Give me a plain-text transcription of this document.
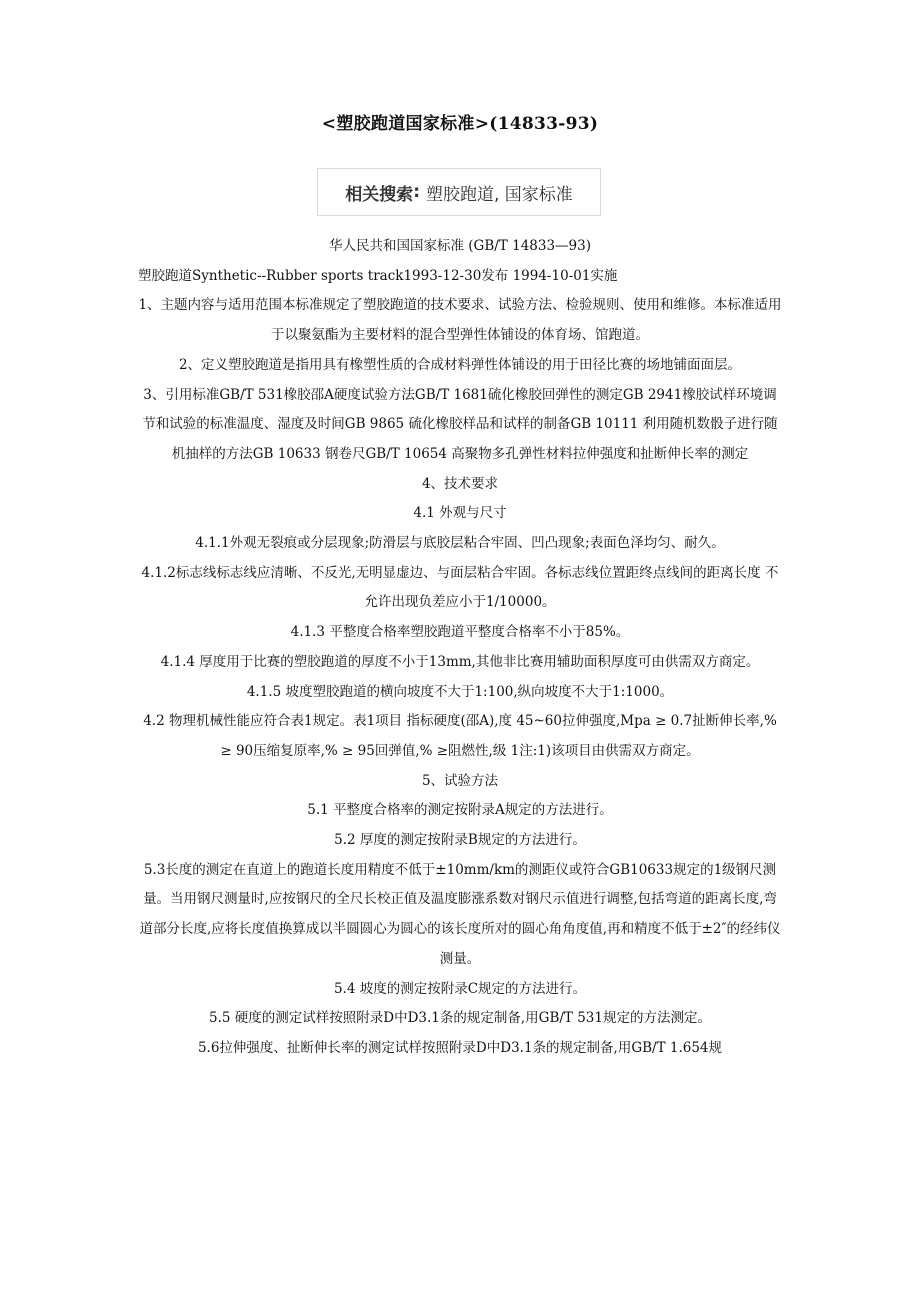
<塑胶跑道国家标准>(14833-93)
相关搜索 : 塑胶跑道, 国家标准

华人民共和国国家标准 (GB/T 14833—93)

塑胶跑道Synthetic--Rubber sports track1993-12-30发布 1994-10-01实施

1、主题内容与适用范围本标准规定了塑胶跑道的技术要求、试验方法、检验规则、使用和维修。本标准适用于以聚氨酯为主要材料的混合型弹性体铺设的体育场、馆跑道。

2、定义塑胶跑道是指用具有橡塑性质的合成材料弹性体铺设的用于田径比赛的场地铺面面层。

3、引用标准GB/T 531橡胶邵A硬度试验方法GB/T 1681硫化橡胶回弹性的测定GB 2941橡胶试样环境调节和试验的标准温度、湿度及时间GB 9865 硫化橡胶样品和试样的制备GB 10111 利用随机数骰子进行随机抽样的方法GB 10633 钢卷尺GB/T 10654 高聚物多孔弹性材料拉伸强度和扯断伸长率的测定

4、技术要求

4.1 外观与尺寸

4.1.1外观无裂痕或分层现象;防滑层与底胶层粘合牢固、凹凸现象;表面色泽均匀、耐久。

4.1.2标志线标志线应清晰、不反光,无明显虚边、与面层粘合牢固。各标志线位置距终点线间的距离长度 不允许出现负差应小于1/10000。

4.1.3 平整度合格率塑胶跑道平整度合格率不小于85%。

4.1.4 厚度用于比赛的塑胶跑道的厚度不小于13mm,其他非比赛用辅助面积厚度可由供需双方商定。

4.1.5 坡度塑胶跑道的横向坡度不大于1:100,纵向坡度不大于1:1000。

4.2 物理机械性能应符合表1规定。表1项目 指标硬度(邵A),度 45~60拉伸强度,Mpa ≥ 0.7扯断伸长率,% ≥ 90压缩复原率,% ≥ 95回弹值,% ≥阻燃性,级 1注:1)该项目由供需双方商定。

5、试验方法

5.1 平整度合格率的测定按附录A规定的方法进行。

5.2 厚度的测定按附录B规定的方法进行。

5.3长度的测定在直道上的跑道长度用精度不低于±10mm/km的测距仪或符合GB10633规定的1级钢尺测量。当用钢尺测量时,应按钢尺的全尺长校正值及温度膨涨系数对钢尺示值进行调整,包括弯道的距离长度,弯道部分长度,应将长度值换算成以半圆圆心为圆心的该长度所对的圆心角角度值,再和精度不低于±2″的经纬仪测量。

5.4 坡度的测定按附录C规定的方法进行。

5.5 硬度的测定试样按照附录D中D3.1条的规定制备,用GB/T 531规定的方法测定。

5.6拉伸强度、扯断伸长率的测定试样按照附录D中D3.1条的规定制备,用GB/T 1.654规
